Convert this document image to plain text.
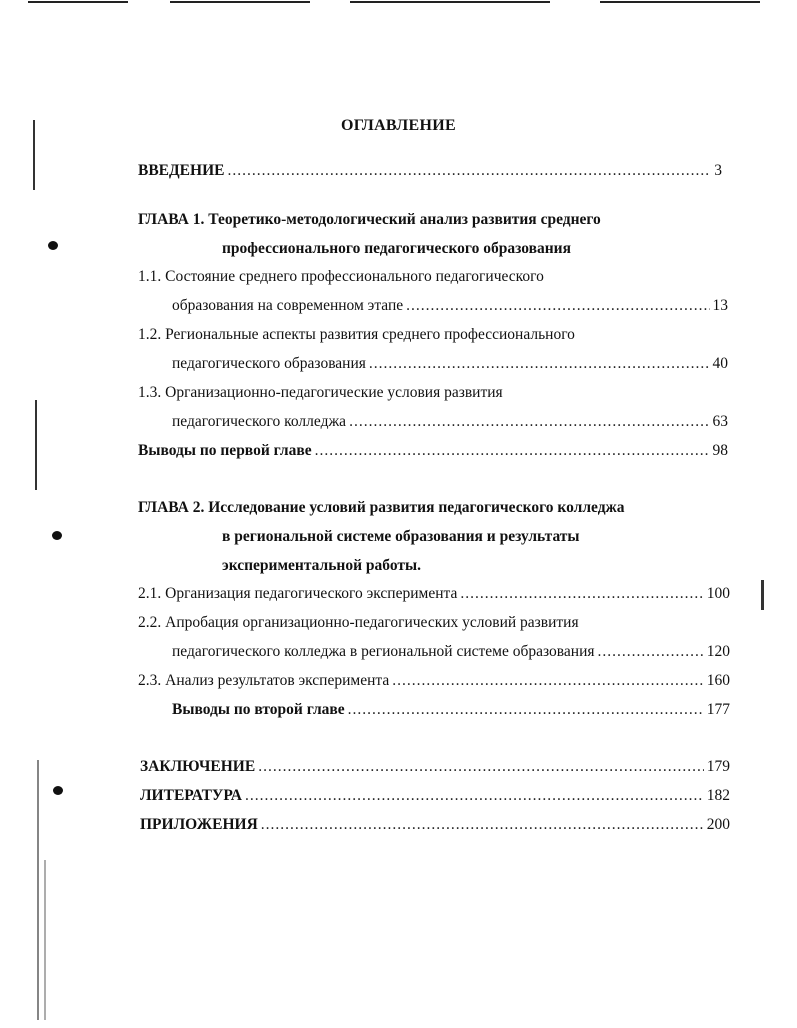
ОГЛАВЛЕНИЕ
ВВЕДЕНИЕ .....	3
ГЛАВА 1. Теоретико-методологический анализ развития среднего
профессионального педагогического образования
1.1. Состояние среднего профессионального педагогического
образования на современном этапе .....	13
1.2. Региональные аспекты развития среднего профессионального
педагогического образования .....	40
1.3. Организационно-педагогические условия развития
педагогического колледжа .....	63
Выводы по первой главе .....	98
ГЛАВА 2. Исследование условий развития педагогического колледжа
в региональной системе образования и результаты
экспериментальной работы.
2.1. Организация педагогического эксперимента .....	100
2.2. Апробация организационно-педагогических условий развития
педагогического колледжа в региональной системе образования .....	120
2.3. Анализ результатов эксперимента .....	160
Выводы по второй главе .....	177
ЗАКЛЮЧЕНИЕ .....	179
ЛИТЕРАТУРА .....	182
ПРИЛОЖЕНИЯ .....	200
